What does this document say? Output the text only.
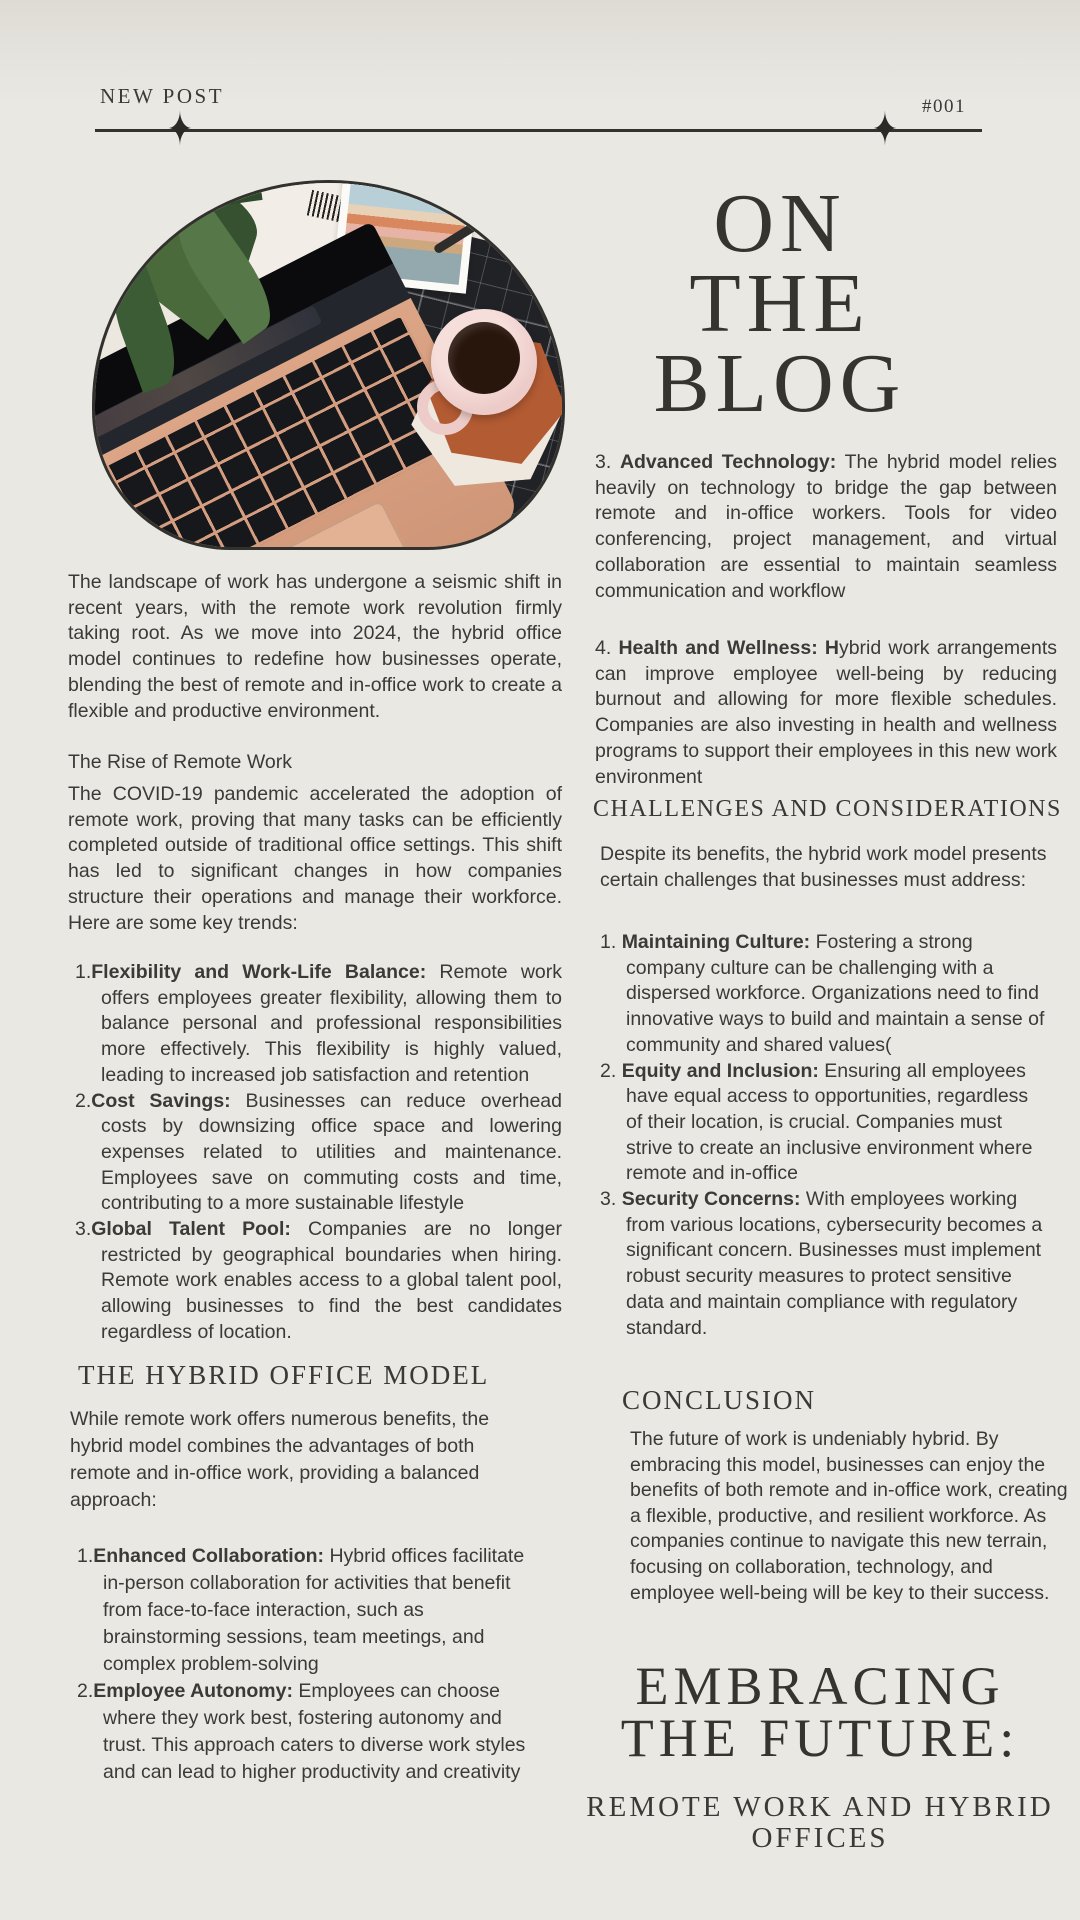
NEW POST	#001
✦	✦
ON
THE
BLOG

The landscape of work has undergone a seismic shift in recent years, with the remote work revolution firmly taking root. As we move into 2024, the hybrid office model continues to redefine how businesses operate, blending the best of remote and in-office work to create a flexible and productive environment.

The Rise of Remote Work

The COVID-19 pandemic accelerated the adoption of remote work, proving that many tasks can be efficiently completed outside of traditional office settings. This shift has led to significant changes in how companies structure their operations and manage their workforce. Here are some key trends:

1.Flexibility and Work-Life Balance: Remote work offers employees greater flexibility, allowing them to balance personal and professional responsibilities more effectively. This flexibility is highly valued, leading to increased job satisfaction and retention
2.Cost Savings: Businesses can reduce overhead costs by downsizing office space and lowering expenses related to utilities and maintenance. Employees save on commuting costs and time, contributing to a more sustainable lifestyle
3.Global Talent Pool: Companies are no longer restricted by geographical boundaries when hiring. Remote work enables access to a global talent pool, allowing businesses to find the best candidates regardless of location.
THE HYBRID OFFICE MODEL

While remote work offers numerous benefits, the hybrid model combines the advantages of both remote and in-office work, providing a balanced approach:

1.Enhanced Collaboration: Hybrid offices facilitate in-person collaboration for activities that benefit from face-to-face interaction, such as brainstorming sessions, team meetings, and complex problem-solving
2.Employee Autonomy: Employees can choose where they work best, fostering autonomy and trust. This approach caters to diverse work styles and can lead to higher productivity and creativity

3. Advanced Technology: The hybrid model relies heavily on technology to bridge the gap between remote and in-office workers. Tools for video conferencing, project management, and virtual collaboration are essential to maintain seamless communication and workflow

4. Health and Wellness: Hybrid work arrangements can improve employee well-being by reducing burnout and allowing for more flexible schedules. Companies are also investing in health and wellness programs to support their employees in this new work environment

CHALLENGES AND CONSIDERATIONS

Despite its benefits, the hybrid work model presents certain challenges that businesses must address:

1. Maintaining Culture: Fostering a strong company culture can be challenging with a dispersed workforce. Organizations need to find innovative ways to build and maintain a sense of community and shared values(
2. Equity and Inclusion: Ensuring all employees have equal access to opportunities, regardless of their location, is crucial. Companies must strive to create an inclusive environment where remote and in-office
3. Security Concerns: With employees working from various locations, cybersecurity becomes a significant concern. Businesses must implement robust security measures to protect sensitive data and maintain compliance with regulatory standard.
CONCLUSION

The future of work is undeniably hybrid. By embracing this model, businesses can enjoy the benefits of both remote and in-office work, creating a flexible, productive, and resilient workforce. As companies continue to navigate this new terrain, focusing on collaboration, technology, and employee well-being will be key to their success.

EMBRACING
THE FUTURE:
REMOTE WORK AND HYBRID
OFFICES
